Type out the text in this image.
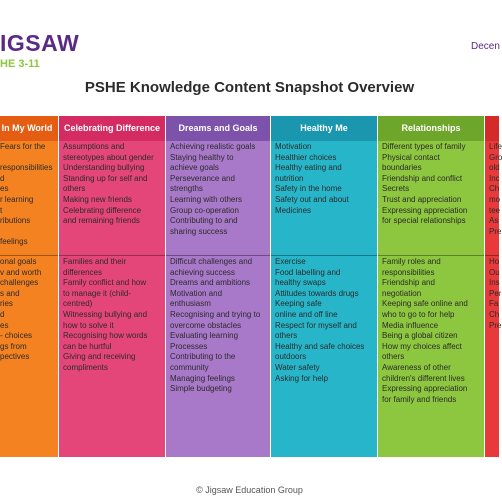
IGSAW
HE 3-11
Decen
PSHE Knowledge Content Snapshot Overview
In My World
Fears for the

responsibilities
d
es
r learning
t
ributions

feelings
onal goals
v and worth
challenges
s and
ries
d
es
- choices
gs from
pectives
Celebrating Difference
Assumptions and
stereotypes about gender
Understanding bullying
Standing up for self and
others
Making new friends
Celebrating difference
and remaining friends
Families and their
differences
Family conflict and how
to manage it (child-
centred)
Witnessing bullying and
how to solve it
Recognising how words
can be hurtful
Giving and receiving
compliments
Dreams and Goals
Achieving realistic goals
Staying healthy to
achieve goals
Perseverance and
strengths
Learning with others
Group co-operation
Contributing to and
sharing success
Difficult challenges and
achieving success
Dreams and ambitions
Motivation and
enthusiasm
Recognising and trying to
overcome obstacles
Evaluating learning
Processes
Contributing to the
community
Managing feelings
Simple budgeting
Healthy Me
Motivation
Healthier choices
Healthy eating and
nutrition
Safety in the home
Safety out and about
Medicines
Exercise
Food labelling and
healthy swaps
Attitudes towards drugs
Keeping safe
online and off line
Respect for myself and
others
Healthy and safe choices
outdoors
Water safety
Asking for help
Relationships
Different types of family
Physical contact
boundaries
Friendship and conflict
Secrets
Trust and appreciation
Expressing appreciation
for special relationships
Family roles and
responsibilities
Friendship and
negotiation
Keeping safe online and
who to go to for help
Media influence
Being a global citizen
How my choices affect
others
Awareness of other
children's different lives
Expressing appreciation
for family and friends
Life
Gro
old
Inc
Ch
mo
tee
As
Pre
Ho
Ou
Ins
Per
Fa
Ch
Pre
© Jigsaw Education Group
